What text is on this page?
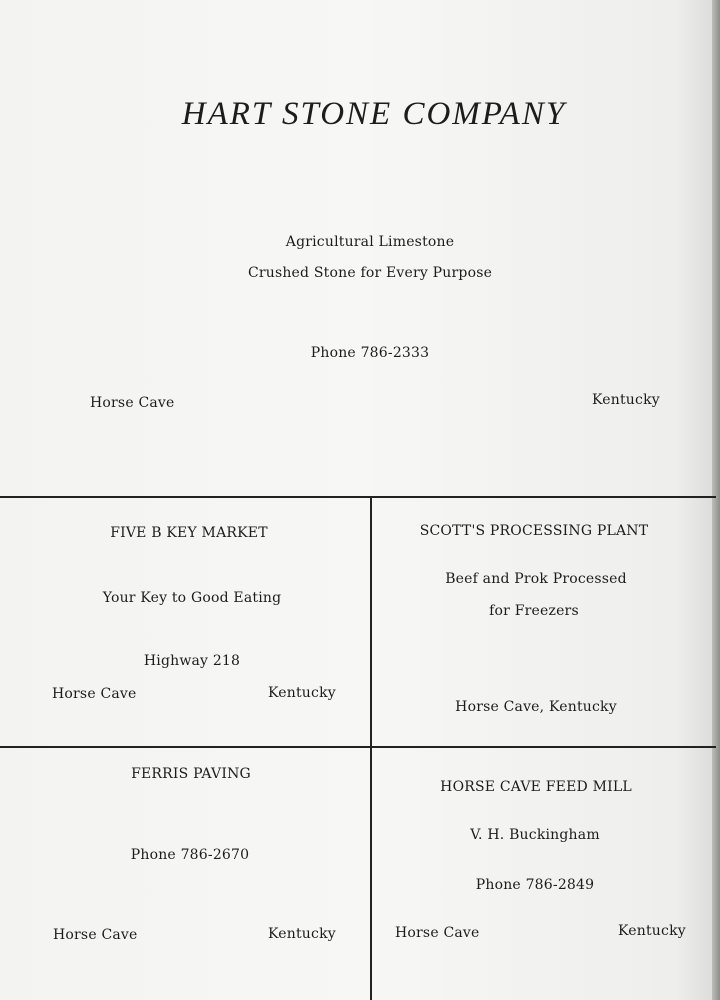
HART STONE COMPANY
Agricultural Limestone
Crushed Stone for Every Purpose
Phone 786-2333
Horse Cave	Kentucky
FIVE B KEY MARKET
Your Key to Good Eating
Highway 218
Horse Cave	Kentucky
SCOTT'S PROCESSING PLANT
Beef and Prok Processed
for Freezers
Horse Cave, Kentucky
FERRIS PAVING
Phone 786-2670
Horse Cave	Kentucky
HORSE CAVE FEED MILL
V. H. Buckingham
Phone 786-2849
Horse Cave	Kentucky
